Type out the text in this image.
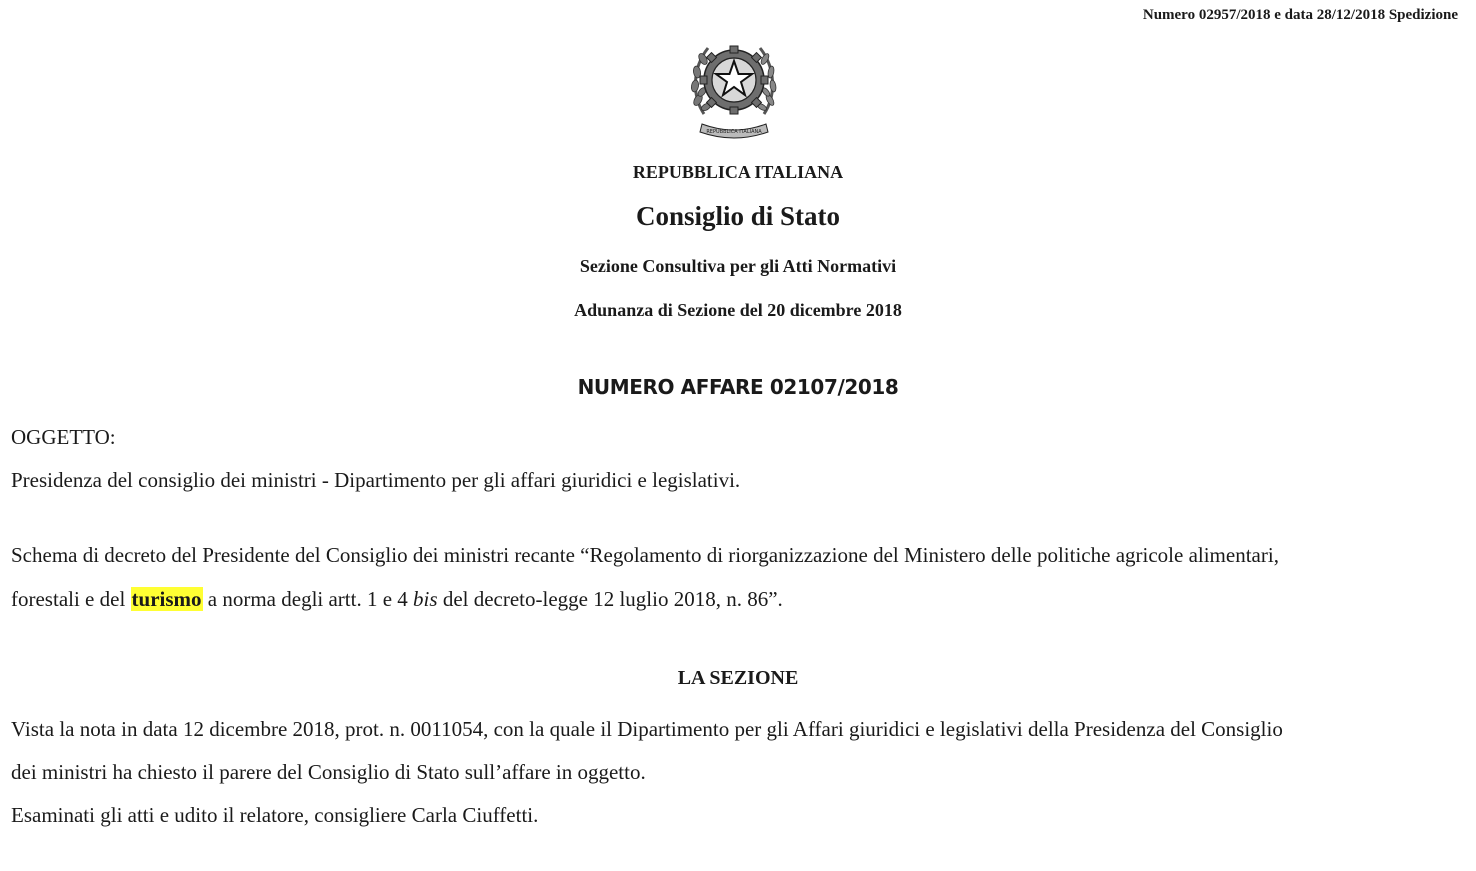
Numero 02957/2018 e data 28/12/2018 Spedizione
REPUBBLICA ITALIANA
REPUBBLICA ITALIANA
Consiglio di Stato
Sezione Consultiva per gli Atti Normativi
Adunanza di Sezione del 20 dicembre 2018
NUMERO AFFARE 02107/2018
OGGETTO:
Presidenza del consiglio dei ministri - Dipartimento per gli affari giuridici e legislativi.
Schema di decreto del Presidente del Consiglio dei ministri recante “Regolamento di riorganizzazione del Ministero delle politiche agricole alimentari,
forestali e del turismo a norma degli artt. 1 e 4 bis del decreto-legge 12 luglio 2018, n. 86”.
LA SEZIONE
Vista la nota in data 12 dicembre 2018, prot. n. 0011054, con la quale il Dipartimento per gli Affari giuridici e legislativi della Presidenza del Consiglio
dei ministri ha chiesto il parere del Consiglio di Stato sull’affare in oggetto.
Esaminati gli atti e udito il relatore, consigliere Carla Ciuffetti.
